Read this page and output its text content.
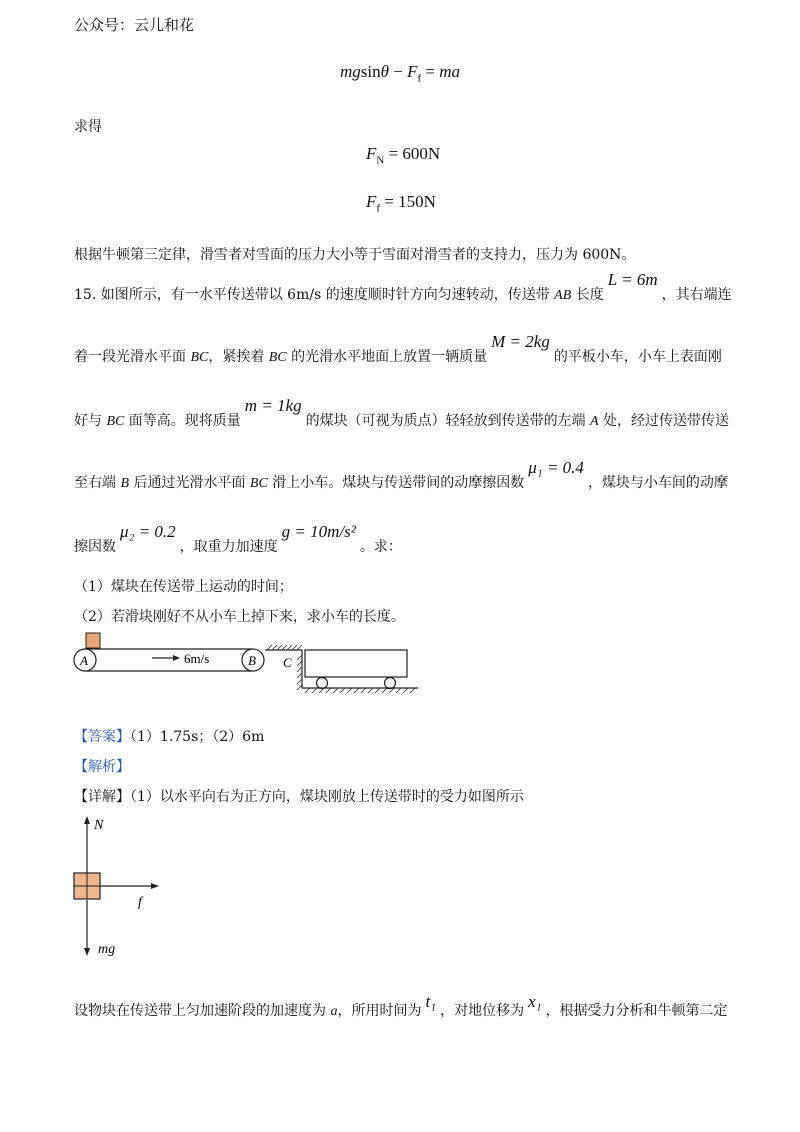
公众号：云儿和花
$mgsin\theta - F_f$ = ma
求得
$F_N = 600N$
$F_f = 150N$
根据牛顿第三定律，滑雪者对雪面的压力大小等于雪面对滑雪者的支持力，压力为 600N。
15. 如图所示，有一水平传送带以 6m/s 的速度顺时针方向匀速转动，传送带 AB 长度L = 6m，其右端连
着一段光滑水平面 BC，紧挨着 BC 的光滑水平地面上放置一辆质量M = 2kg的平板小车，小车上表面刚
好与 BC 面等高。现将质量m = 1kg的煤块（可视为质点）轻轻放到传送带的左端 A 处，经过传送带传送
至右端 B 后通过光滑水平面 BC 滑上小车。煤块与传送带间的动摩擦因数μ₁ = 0.4，煤块与小车间的动摩
擦因数μ₂ = 0.2，取重力加速度g = 10m/s²。求：
（1）煤块在传送带上运动的时间；
（2）若滑块刚好不从小车上掉下来，求小车的长度。
A	B
6m/s	C
【答案】（1）1.75s；（2）6m
【解析】
【详解】（1）以水平向右为正方向，煤块刚放上传送带时的受力如图所示
N
mg
f
设物块在传送带上匀加速阶段的加速度为 a，所用时间为 t₁ ，对地位移为 x₁ ，根据受力分析和牛顿第二定
